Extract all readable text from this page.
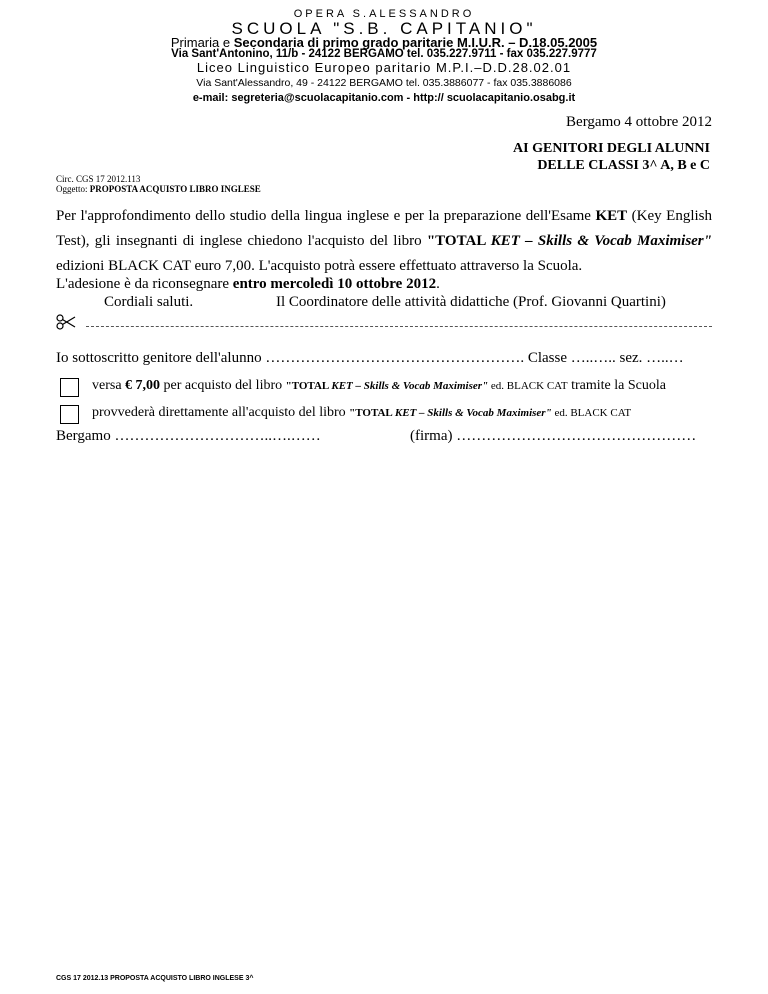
OPERA S.ALESSANDRO
SCUOLA "S.B. CAPITANIO"
Primaria e Secondaria di primo grado paritarie M.I.U.R. – D.18.05.2005
Via Sant'Antonino, 11/b - 24122 BERGAMO tel. 035.227.9711 - fax 035.227.9777
Liceo Linguistico Europeo paritario M.P.I.–D.D.28.02.01
Via Sant'Alessandro, 49 - 24122 BERGAMO tel. 035.3886077 - fax 035.3886086
e-mail: segreteria@scuolacapitanio.com - http:// scuolacapitanio.osabg.it
Bergamo 4 ottobre 2012
AI GENITORI DEGLI ALUNNI
DELLE CLASSI 3^ A, B e C
Circ. CGS 17 2012.113
Oggetto: PROPOSTA ACQUISTO LIBRO INGLESE
Per l'approfondimento dello studio della lingua inglese e per la preparazione dell'Esame KET (Key English Test), gli insegnanti di inglese chiedono l'acquisto del libro "TOTAL KET – Skills & Vocab Maximiser" edizioni BLACK CAT euro 7,00. L'acquisto potrà essere effettuato attraverso la Scuola.
L'adesione è da riconsegnare entro mercoledì 10 ottobre 2012.
Cordiali saluti.	Il Coordinatore delle attività didattiche (Prof. Giovanni Quartini)
Io sottoscritto genitore dell'alunno ……………………………………………. Classe …..….. sez. …..…
versa € 7,00 per acquisto del libro "TOTAL KET – Skills & Vocab Maximiser" ed. BLACK CAT tramite la Scuola
provvederà direttamente all'acquisto del libro "TOTAL KET – Skills & Vocab Maximiser" ed. BLACK CAT
Bergamo …………………………..….……	(firma) …………………………………………
CGS 17 2012.13 PROPOSTA ACQUISTO LIBRO INGLESE 3^
